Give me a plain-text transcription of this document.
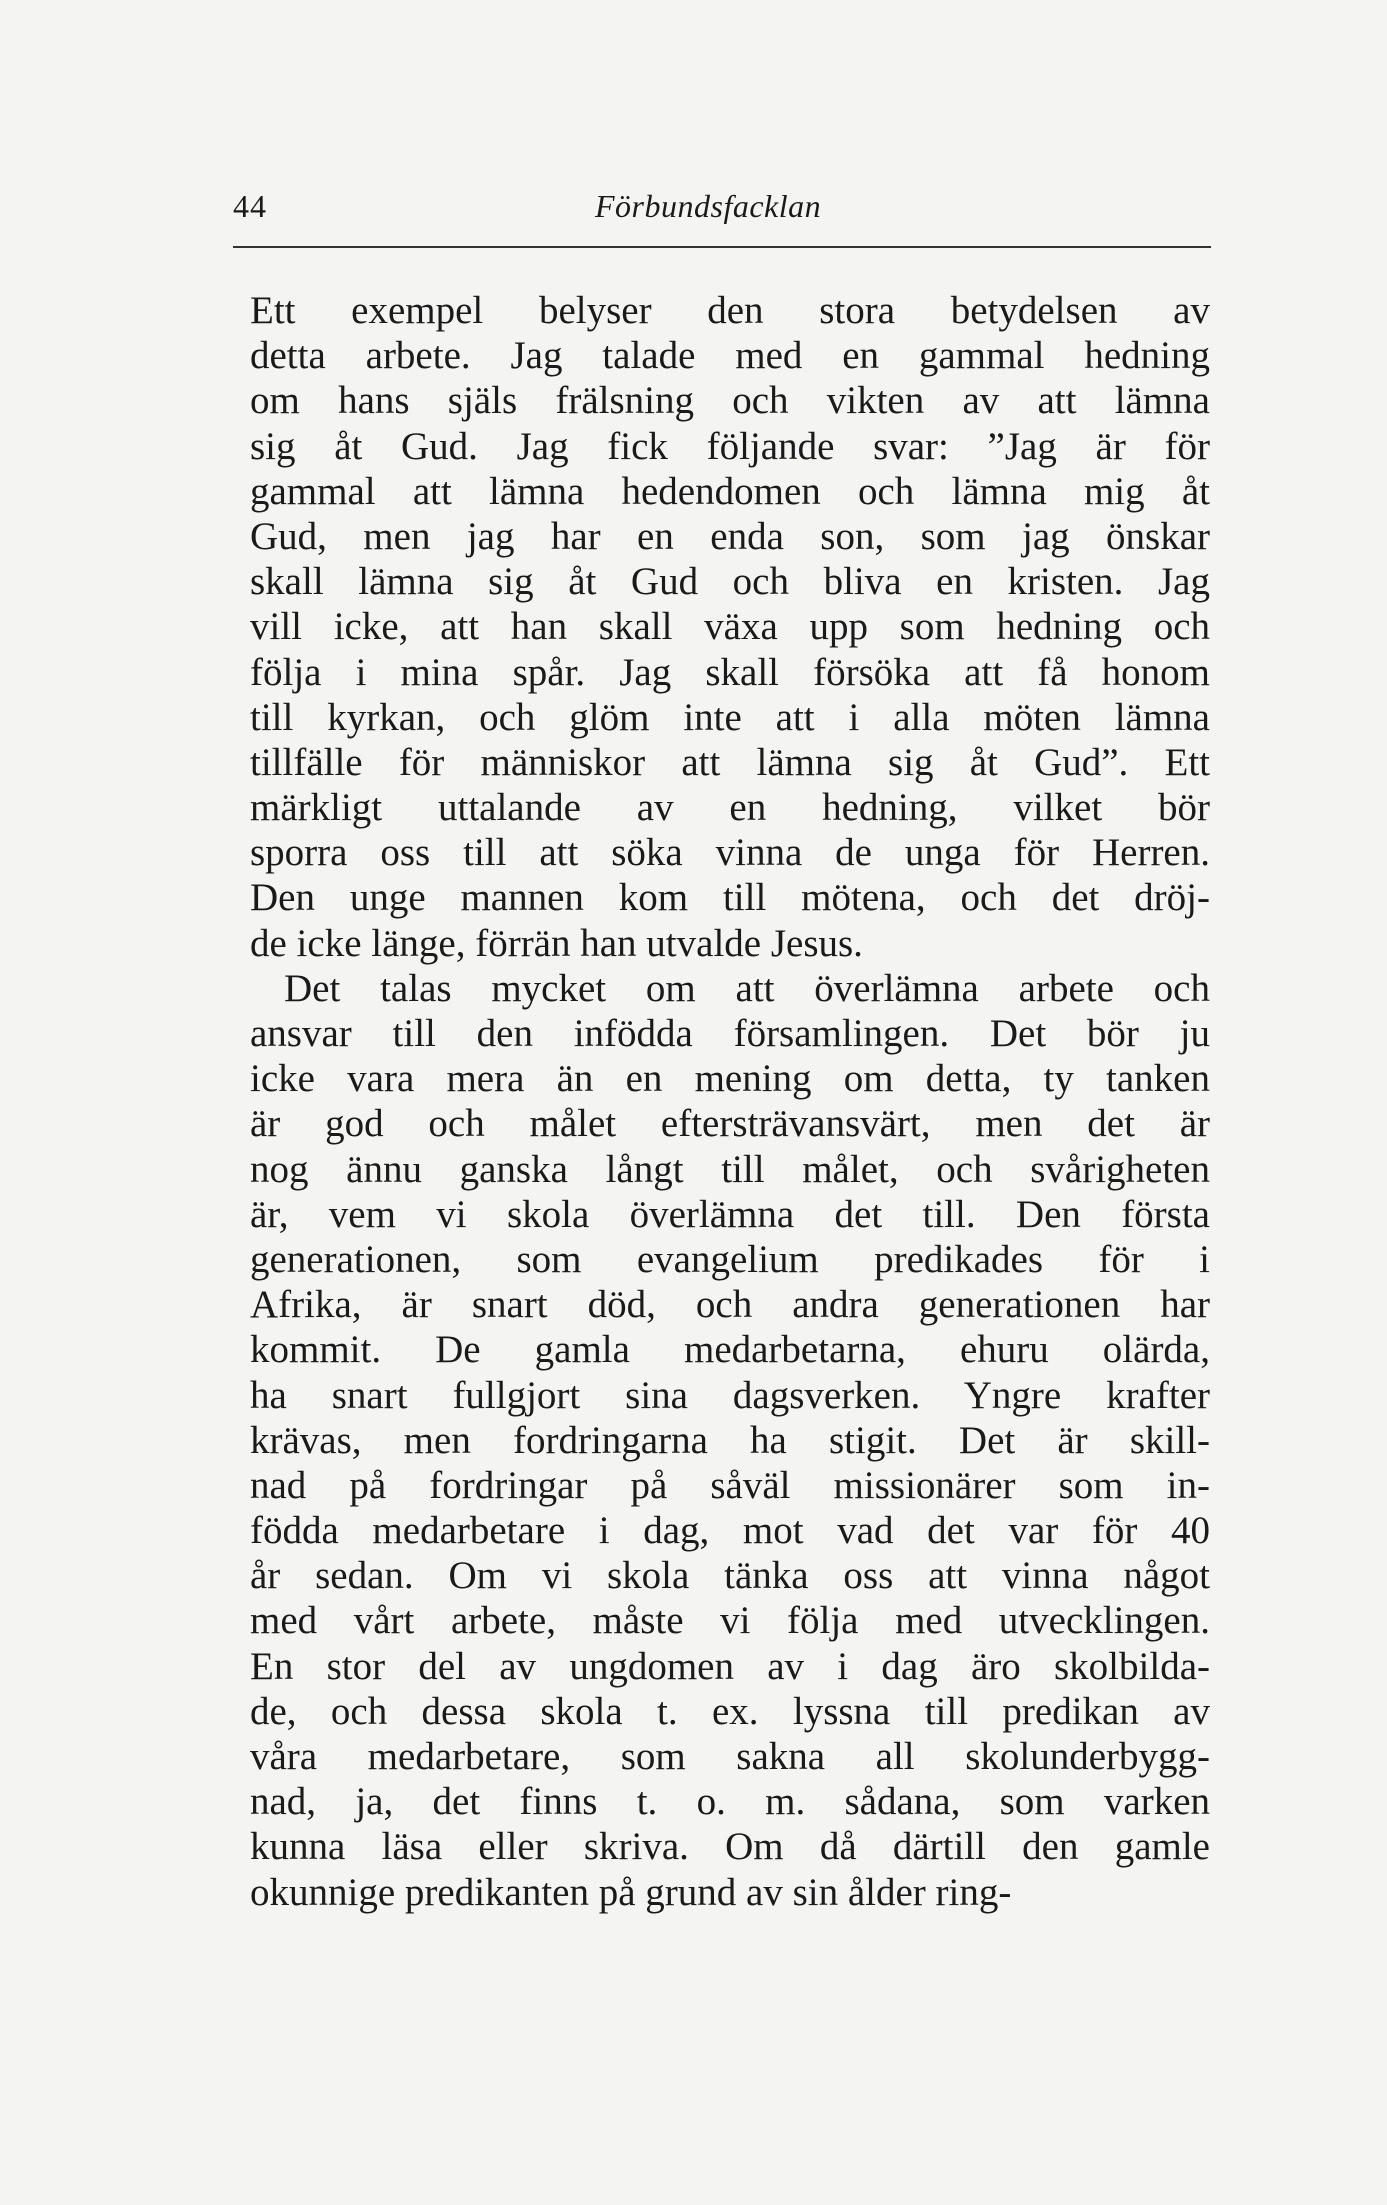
44	Förbundsfacklan
Ett exempel belyser den stora betydelsen av
detta arbete. Jag talade med en gammal hedning
om hans själs frälsning och vikten av att lämna
sig åt Gud. Jag fick följande svar: ”Jag är för
gammal att lämna hedendomen och lämna mig åt
Gud, men jag har en enda son, som jag önskar
skall lämna sig åt Gud och bliva en kristen. Jag
vill icke, att han skall växa upp som hedning och
följa i mina spår. Jag skall försöka att få honom
till kyrkan, och glöm inte att i alla möten lämna
tillfälle för människor att lämna sig åt Gud”. Ett
märkligt uttalande av en hedning, vilket bör
sporra oss till att söka vinna de unga för Herren.
Den unge mannen kom till mötena, och det dröj-
de icke länge, förrän han utvalde Jesus.
Det talas mycket om att överlämna arbete och
ansvar till den infödda församlingen. Det bör ju
icke vara mera än en mening om detta, ty tanken
är god och målet eftersträvansvärt, men det är
nog ännu ganska långt till målet, och svårigheten
är, vem vi skola överlämna det till. Den första
generationen, som evangelium predikades för i
Afrika, är snart död, och andra generationen har
kommit. De gamla medarbetarna, ehuru olärda,
ha snart fullgjort sina dagsverken. Yngre krafter
krävas, men fordringarna ha stigit. Det är skill-
nad på fordringar på såväl missionärer som in-
födda medarbetare i dag, mot vad det var för 40
år sedan. Om vi skola tänka oss att vinna något
med vårt arbete, måste vi följa med utvecklingen.
En stor del av ungdomen av i dag äro skolbilda-
de, och dessa skola t. ex. lyssna till predikan av
våra medarbetare, som sakna all skolunderbygg-
nad, ja, det finns t. o. m. sådana, som varken
kunna läsa eller skriva. Om då därtill den gamle
okunnige predikanten på grund av sin ålder ring-
